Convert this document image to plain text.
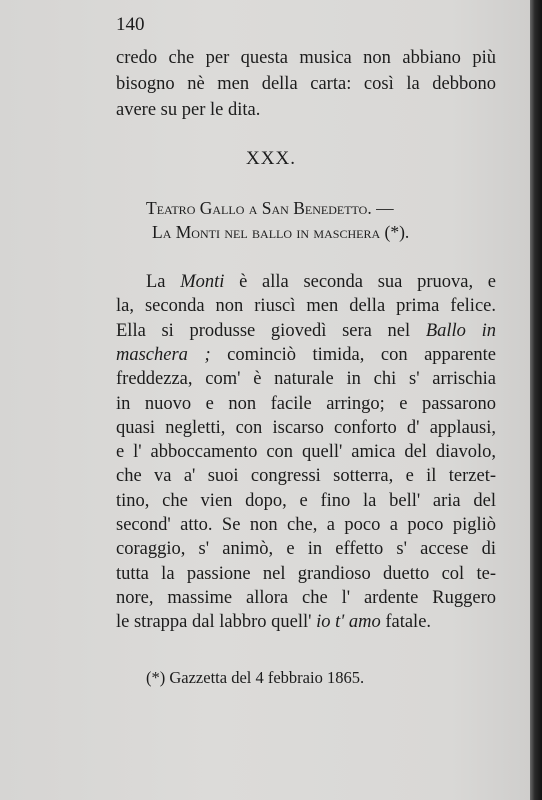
140
credo che per questa musica non abbiano più
bisogno nè men della carta: così la debbono
avere su per le dita.
XXX.
Teatro Gallo a San Benedetto. —
La Monti nel ballo in maschera (*).
La Monti è alla seconda sua pruova, e
la, seconda non riuscì men della prima felice.
Ella si produsse giovedì sera nel Ballo in
maschera ; cominciò timida, con apparente
freddezza, com' è naturale in chi s' arrischia
in nuovo e non facile arringo; e passarono
quasi negletti, con iscarso conforto d' applausi,
e l' abboccamento con quell' amica del diavolo,
che va a' suoi congressi sotterra, e il terzet-
tino, che vien dopo, e fino la bell' aria del
second' atto. Se non che, a poco a poco pigliò
coraggio, s' animò, e in effetto s' accese di
tutta la passione nel grandioso duetto col te-
nore, massime allora che l' ardente Ruggero
le strappa dal labbro quell' io t' amo fatale.
(*) Gazzetta del 4 febbraio 1865.
